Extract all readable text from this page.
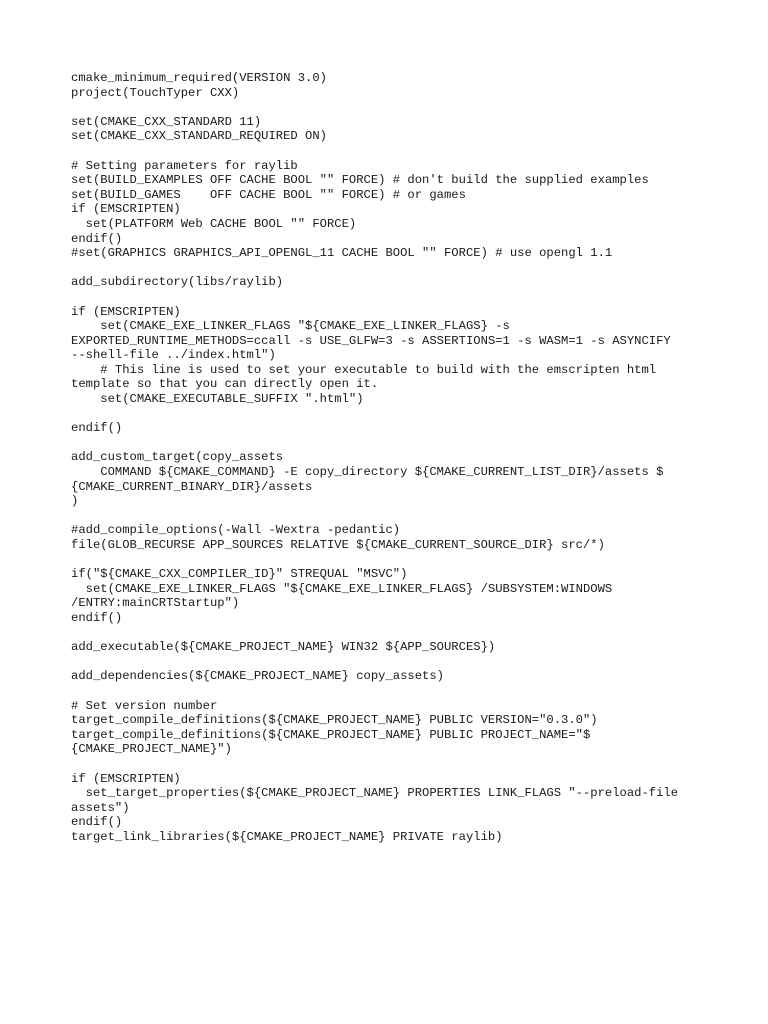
cmake_minimum_required(VERSION 3.0)
project(TouchTyper CXX)
set(CMAKE_CXX_STANDARD 11)
set(CMAKE_CXX_STANDARD_REQUIRED ON)
# Setting parameters for raylib
set(BUILD_EXAMPLES OFF CACHE BOOL "" FORCE) # don't build the supplied examples
set(BUILD_GAMES    OFF CACHE BOOL "" FORCE) # or games
if (EMSCRIPTEN)
set(PLATFORM Web CACHE BOOL "" FORCE)
endif()
#set(GRAPHICS GRAPHICS_API_OPENGL_11 CACHE BOOL "" FORCE) # use opengl 1.1
add_subdirectory(libs/raylib)
if (EMSCRIPTEN)
set(CMAKE_EXE_LINKER_FLAGS "${CMAKE_EXE_LINKER_FLAGS} -s
EXPORTED_RUNTIME_METHODS=ccall -s USE_GLFW=3 -s ASSERTIONS=1 -s WASM=1 -s ASYNCIFY
--shell-file ../index.html")
# This line is used to set your executable to build with the emscripten html
template so that you can directly open it.
set(CMAKE_EXECUTABLE_SUFFIX ".html")
endif()
add_custom_target(copy_assets
COMMAND ${CMAKE_COMMAND} -E copy_directory ${CMAKE_CURRENT_LIST_DIR}/assets $
{CMAKE_CURRENT_BINARY_DIR}/assets
)
#add_compile_options(-Wall -Wextra -pedantic)
file(GLOB_RECURSE APP_SOURCES RELATIVE ${CMAKE_CURRENT_SOURCE_DIR} src/*)
if("${CMAKE_CXX_COMPILER_ID}" STREQUAL "MSVC")
set(CMAKE_EXE_LINKER_FLAGS "${CMAKE_EXE_LINKER_FLAGS} /SUBSYSTEM:WINDOWS
/ENTRY:mainCRTStartup")
endif()
add_executable(${CMAKE_PROJECT_NAME} WIN32 ${APP_SOURCES})
add_dependencies(${CMAKE_PROJECT_NAME} copy_assets)
# Set version number
target_compile_definitions(${CMAKE_PROJECT_NAME} PUBLIC VERSION="0.3.0")
target_compile_definitions(${CMAKE_PROJECT_NAME} PUBLIC PROJECT_NAME="$
{CMAKE_PROJECT_NAME}")
if (EMSCRIPTEN)
set_target_properties(${CMAKE_PROJECT_NAME} PROPERTIES LINK_FLAGS "--preload-file
assets")
endif()
target_link_libraries(${CMAKE_PROJECT_NAME} PRIVATE raylib)
